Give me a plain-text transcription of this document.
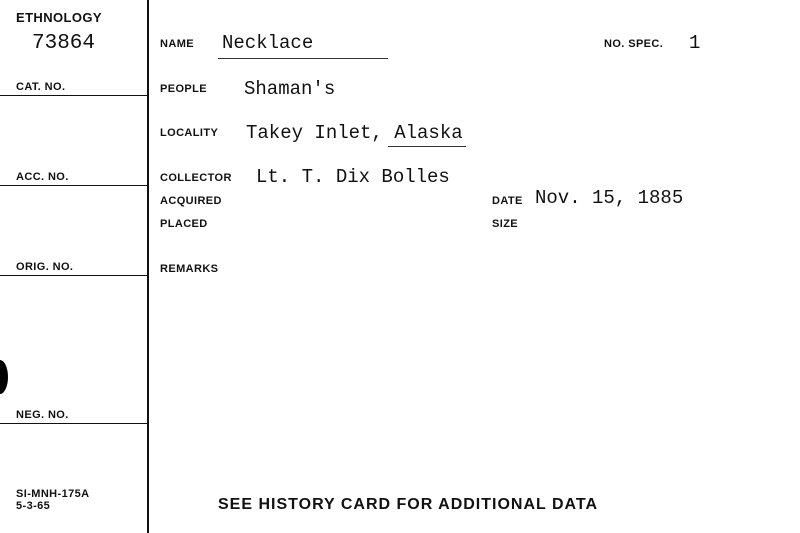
ETHNOLOGY
73864
CAT. NO.
ACC. NO.
ORIG. NO.
NEG. NO.
SI-MNH-175A
5-3-65
NAME Necklace	NO. SPEC. 1
PEOPLE Shaman's
LOCALITY Takey Inlet, Alaska
COLLECTOR Lt. T. Dix Bolles
ACQUIRED	DATE Nov. 15, 1885
PLACED	SIZE
REMARKS
SEE HISTORY CARD FOR ADDITIONAL DATA
